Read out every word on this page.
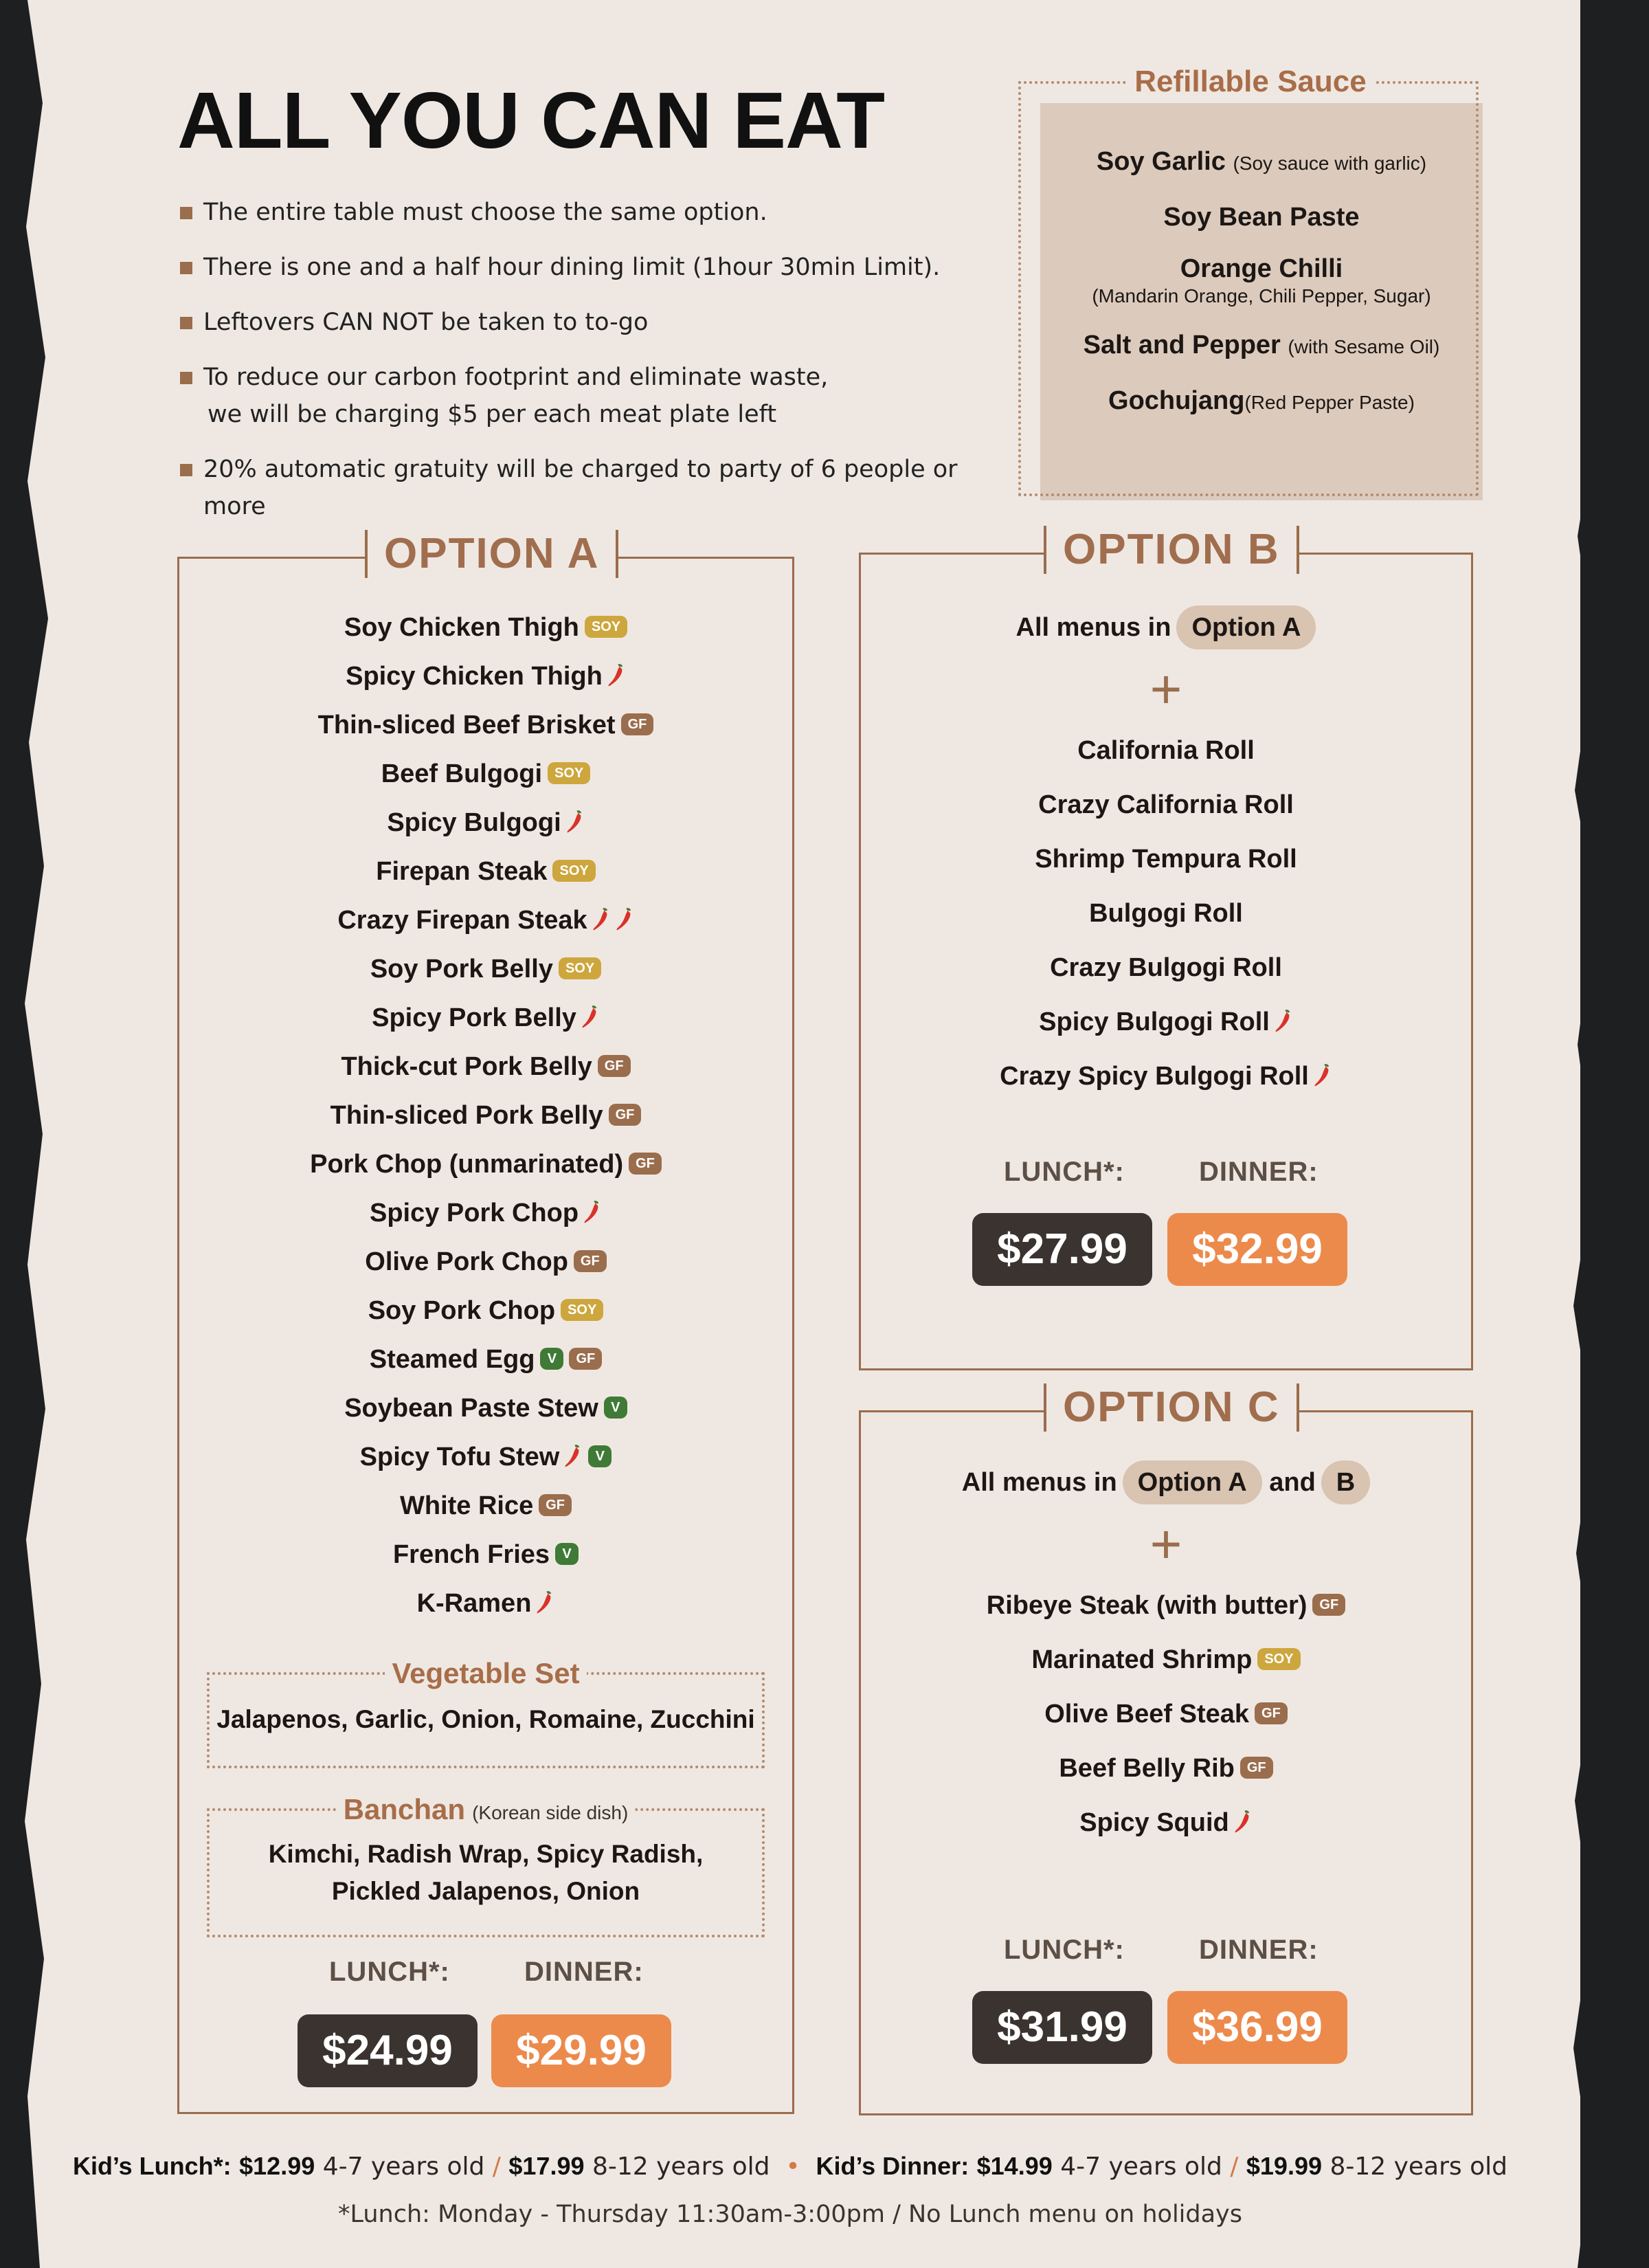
ALL YOU CAN EAT
The entire table must choose the same option.
There is one and a half hour dining limit (1hour 30min Limit).
Leftovers CAN NOT be taken to to-go
To reduce our carbon footprint and eliminate waste,
we will be charging $5 per each meat plate left
20% automatic gratuity will be charged to party of 6 people or more
Refillable Sauce
Soy Garlic (Soy sauce with garlic)
Soy Bean Paste
Orange Chilli
(Mandarin Orange, Chili Pepper, Sugar)
Salt and Pepper (with Sesame Oil)
Gochujang(Red Pepper Paste)
OPTION A
Soy Chicken Thigh SOY
Spicy Chicken Thigh
Thin-sliced Beef Brisket GF
Beef Bulgogi SOY
Spicy Bulgogi
Firepan Steak SOY
Crazy Firepan Steak
Soy Pork Belly SOY
Spicy Pork Belly
Thick-cut Pork Belly GF
Thin-sliced Pork Belly GF
Pork Chop (unmarinated) GF
Spicy Pork Chop
Olive Pork Chop GF
Soy Pork Chop SOY
Steamed Egg V GF
Soybean Paste Stew V
Spicy Tofu Stew	V
White Rice GF
French Fries V
K-Ramen
Vegetable Set
Jalapenos, Garlic, Onion, Romaine, Zucchini
Banchan (Korean side dish)
Kimchi, Radish Wrap, Spicy Radish,
Pickled Jalapenos, Onion
LUNCH*:	DINNER:
$24.99	$29.99
OPTION B
All menus in Option A
+
California Roll
Crazy California Roll
Shrimp Tempura Roll
Bulgogi Roll
Crazy Bulgogi Roll
Spicy Bulgogi Roll
Crazy Spicy Bulgogi Roll
LUNCH*:	DINNER:
$27.99	$32.99
OPTION C
All menus in Option A and B
+
Ribeye Steak (with butter) GF
Marinated Shrimp SOY
Olive Beef Steak GF
Beef Belly Rib GF
Spicy Squid
LUNCH*:	DINNER:
$31.99	$36.99
Kid’s Lunch*: $12.99 4-7 years old / $17.99 8-12 years old • Kid’s Dinner: $14.99 4-7 years old / $19.99 8-12 years old
*Lunch: Monday - Thursday 11:30am-3:00pm / No Lunch menu on holidays
